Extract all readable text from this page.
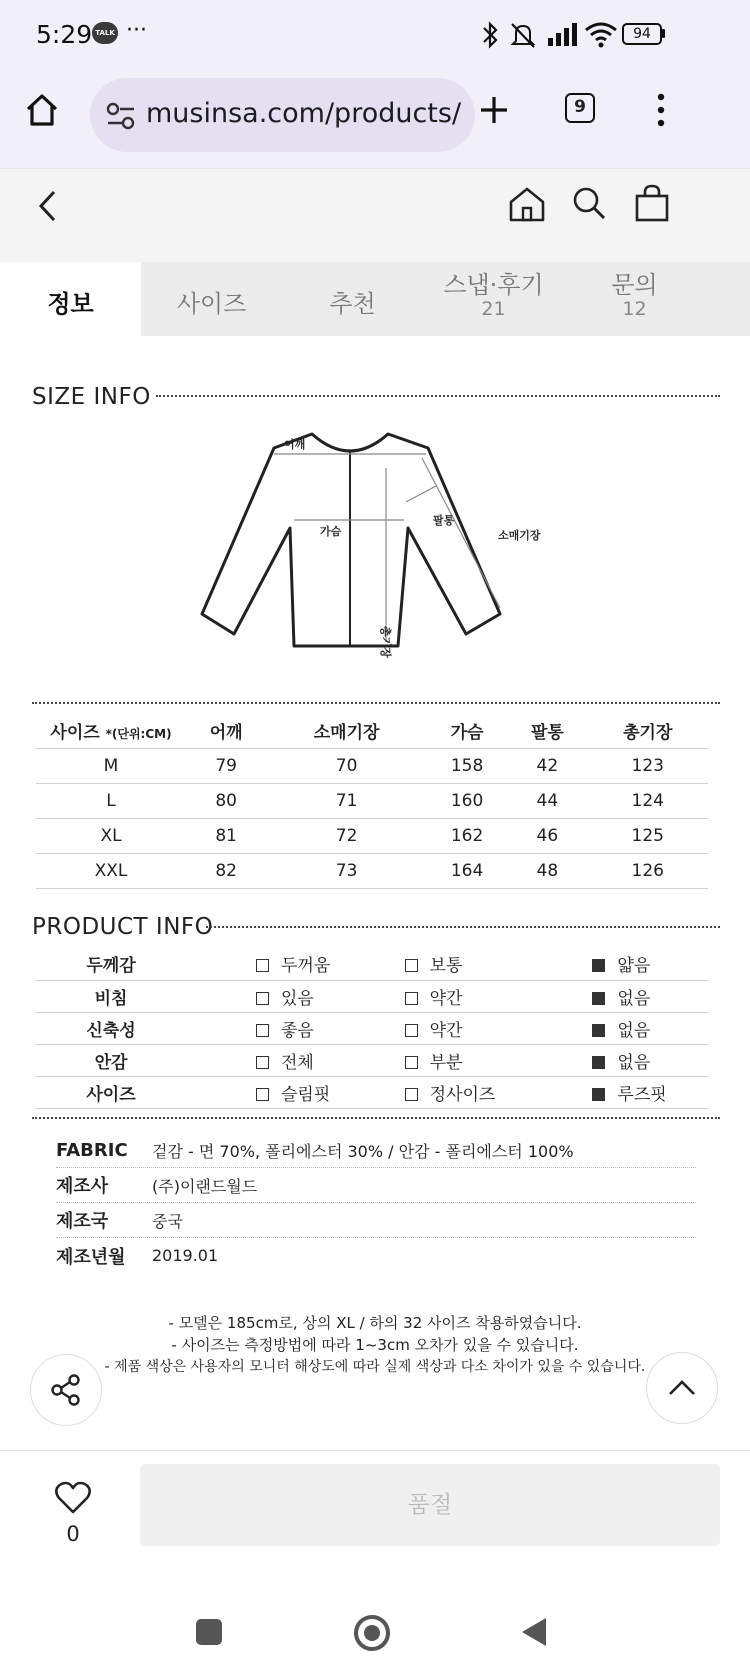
5:29 TALK ···	94
musinsa.com/products/	9
정보	사이즈	추천
스냅·후기
21
문의
12
SIZE INFO
어깨
가슴
팔통
소매기장
총기장
사이즈 *(단위:CM)	어깨	소매기장	가슴	팔통	총기장
M	79	70	158	42	123
L	80	71	160	44	124
XL	81	72	162	46	125
XXL	82	73	164	48	126
PRODUCT INFO
두께감	두꺼움	보통	얇음
비침	있음	약간	없음
신축성	좋음	약간	없음
안감	전체	부분	없음
사이즈	슬림핏	정사이즈	루즈핏
FABRIC	겉감 - 면 70%, 폴리에스터 30% / 안감 - 폴리에스터 100%
제조사	(주)이랜드월드
제조국	중국
제조년월	2019.01
- 모델은 185cm로, 상의 XL / 하의 32 사이즈 착용하였습니다.
- 사이즈는 측정방법에 따라 1~3cm 오차가 있을 수 있습니다.
- 제품 색상은 사용자의 모니터 해상도에 따라 실제 색상과 다소 차이가 있을 수 있습니다.
0
품절
